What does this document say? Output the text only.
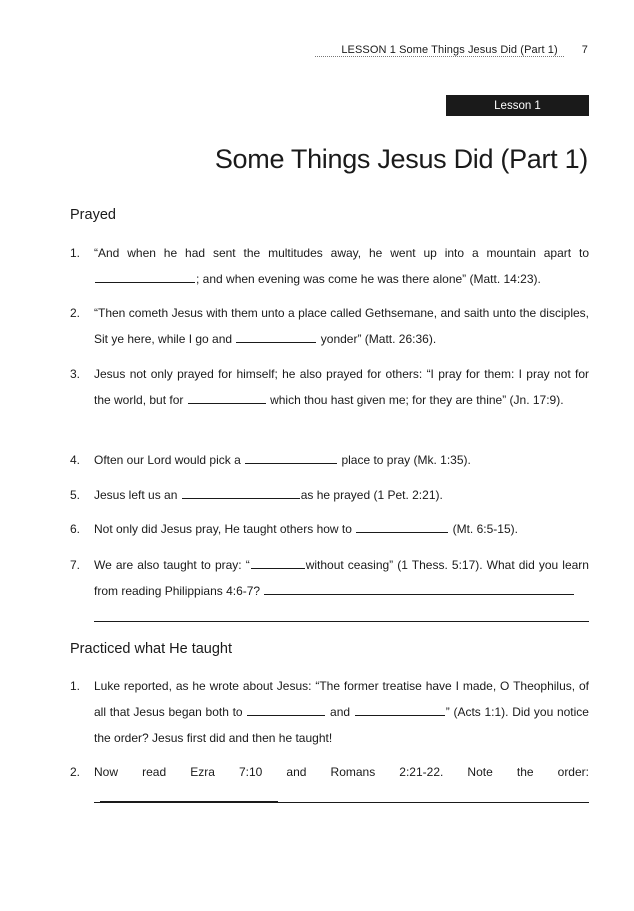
LESSON 1 Some Things Jesus Did (Part 1)	7
Lesson 1
Some Things Jesus Did (Part 1)
Prayed
1.	“And when he had sent the multitudes away, he went up into a mountain apart to ; and when evening was come he was there alone” (Matt. 14:23).
2.	“Then cometh Jesus with them unto a place called Gethsemane, and saith unto the disciples, Sit ye here, while I go and	yonder” (Matt. 26:36).
3.	Jesus not only prayed for himself; he also prayed for others: “I pray for them: I pray not for the world, but for	which thou hast given me; for they are thine” (Jn. 17:9).
4.	Often our Lord would pick a	place to pray (Mk. 1:35).
5.	Jesus left us an	as he prayed (1 Pet. 2:21).
6.	Not only did Jesus pray, He taught others how to	(Mt. 6:5-15).
7.	We are also taught to pray: “	without ceasing” (1 Thess. 5:17). What did you learn from reading Philippians 4:6-7?
Practiced what He taught
1.	Luke reported, as he wrote about Jesus: “The former treatise have I made, O Theophilus, of all that Jesus began both to	and	” (Acts 1:1). Did you notice the order? Jesus first did and then he taught!
2.	Now read Ezra 7:10 and Romans 2:21-22. Note the order:
